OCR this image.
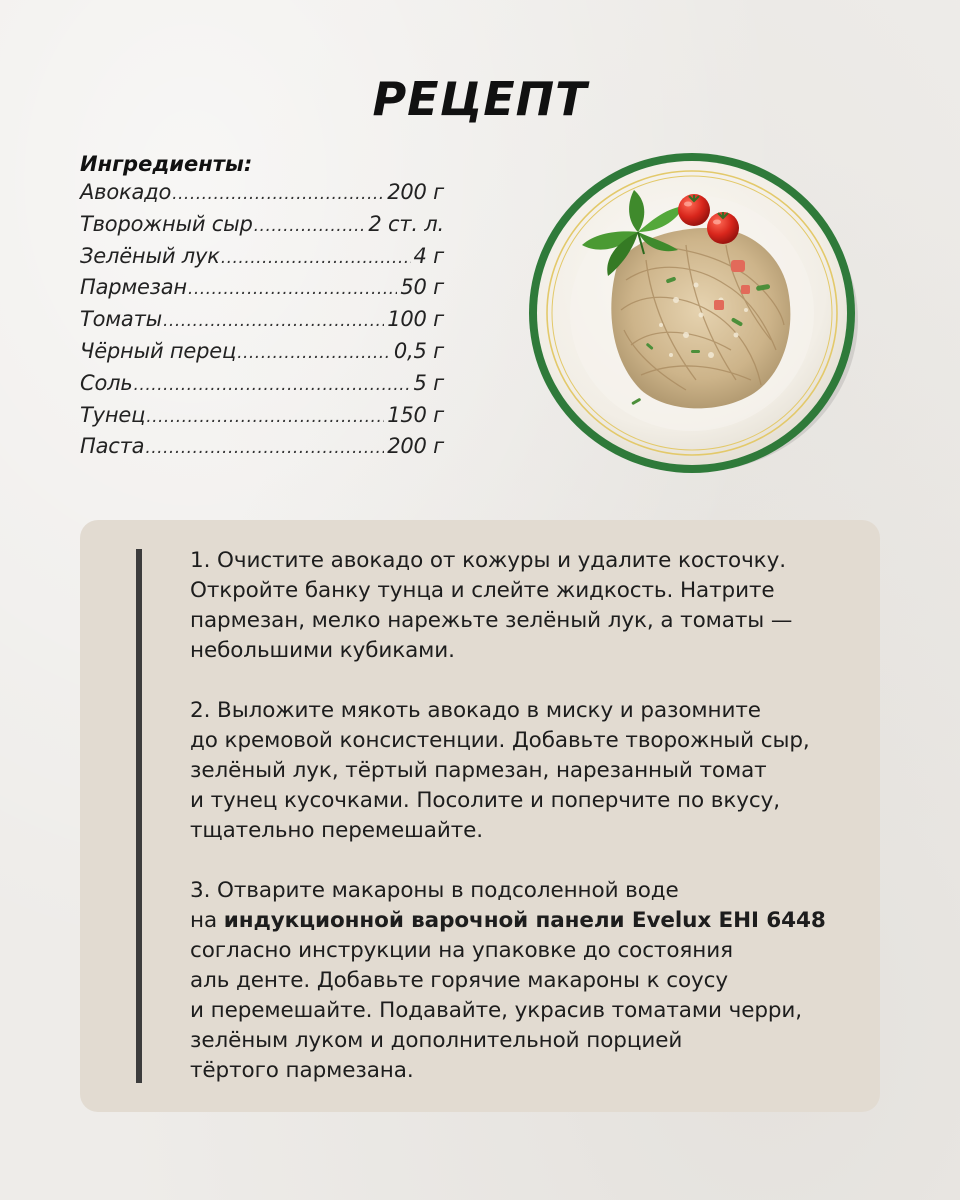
РЕЦЕПТ
Ингредиенты:
Авокадо .....	200 г
Творожный сыр .....	2 ст. л.
Зелёный лук .....	4 г
Пармезан .....	50 г
Томаты .....	100 г
Чёрный перец .....	0,5 г
Соль .....	5 г
Тунец .....	150 г
Паста .....	200 г
1. Очистите авокадо от кожуры и удалите косточку.
Откройте банку тунца и слейте жидкость. Натрите
пармезан, мелко нарежьте зелёный лук, а томаты —
небольшими кубиками.
2. Выложите мякоть авокадо в миску и разомните
до кремовой консистенции. Добавьте творожный сыр,
зелёный лук, тёртый пармезан, нарезанный томат
и тунец кусочками. Посолите и поперчите по вкусу,
тщательно перемешайте.
3. Отварите макароны в подсоленной воде
на индукционной варочной панели Evelux EHI 6448
согласно инструкции на упаковке до состояния
аль денте. Добавьте горячие макароны к соусу
и перемешайте. Подавайте, украсив томатами черри,
зелёным луком и дополнительной порцией
тёртого пармезана.
